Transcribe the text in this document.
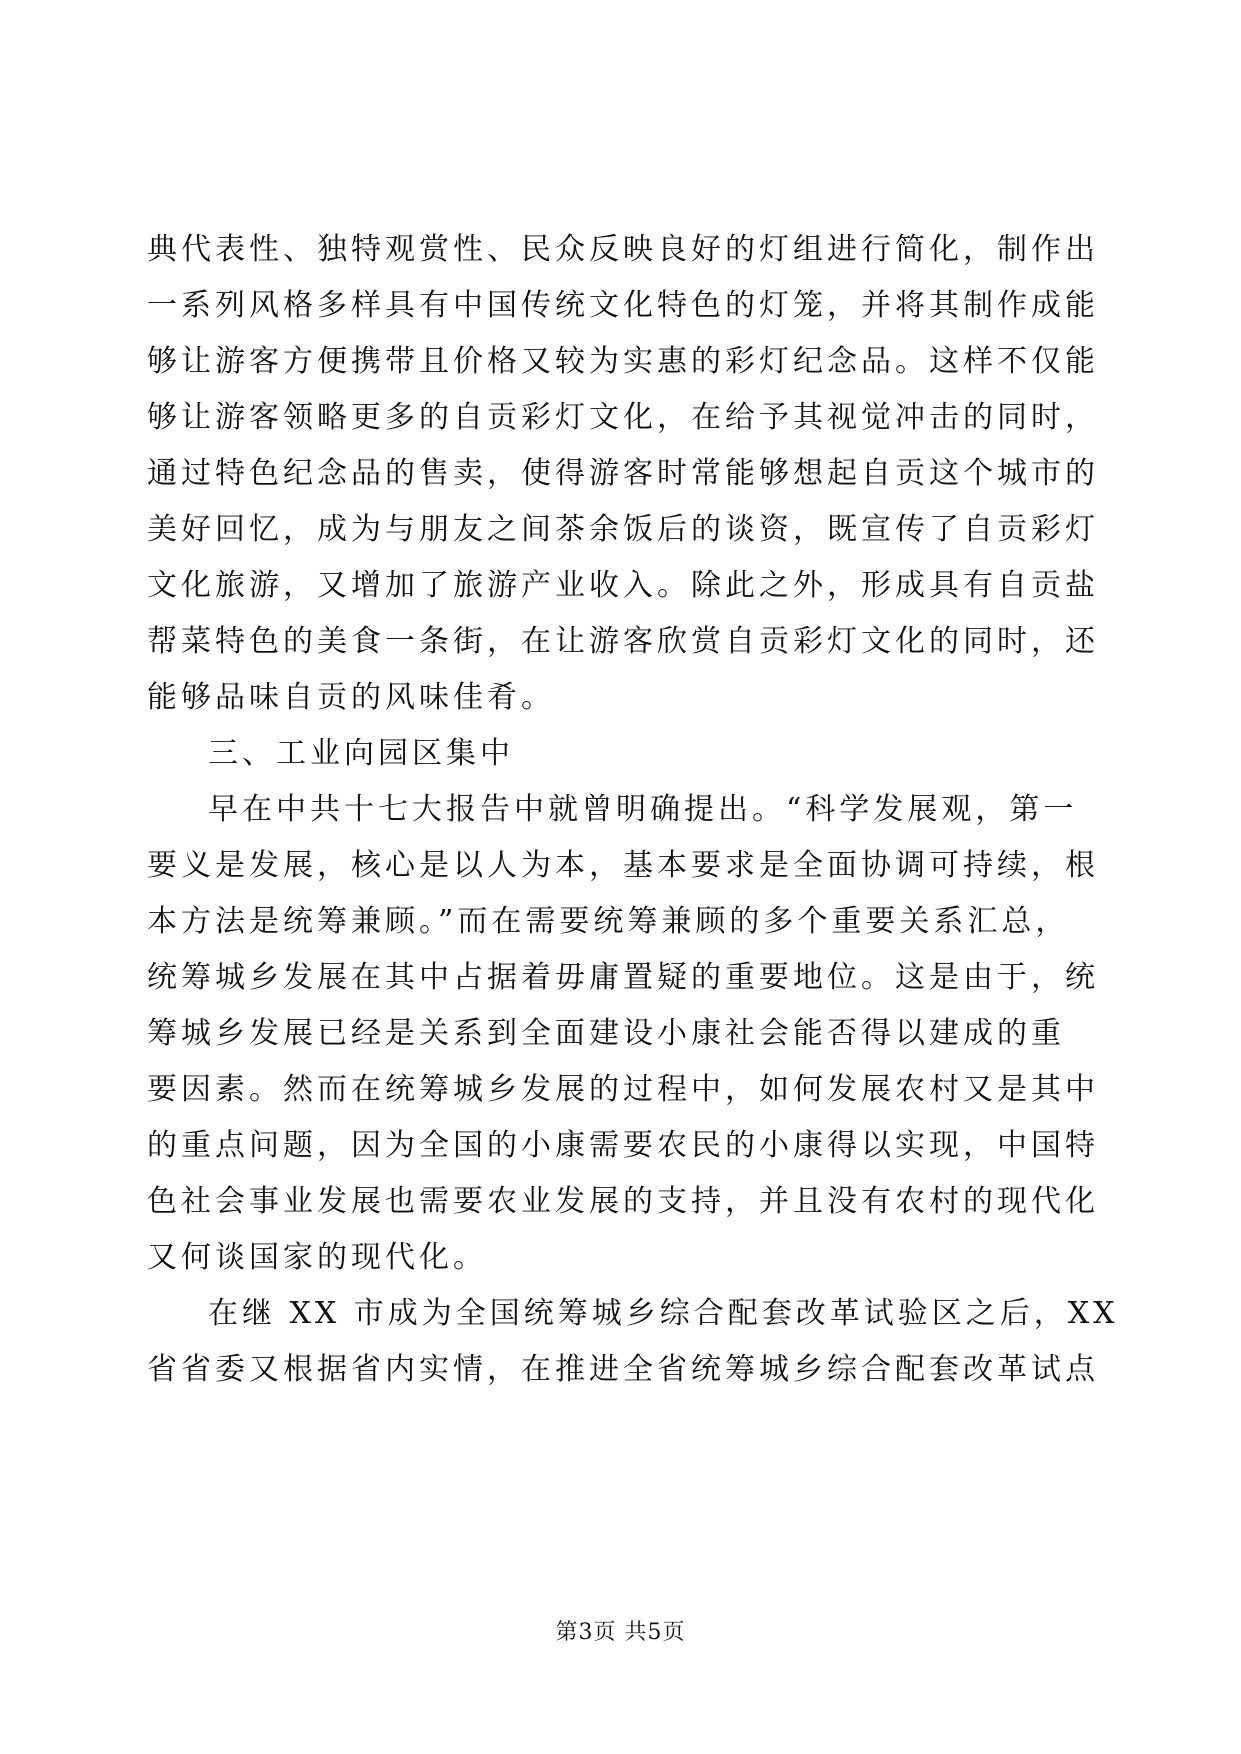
典代表性、独特观赏性、民众反映良好的灯组进行简化，制作出
一系列风格多样具有中国传统文化特色的灯笼，并将其制作成能
够让游客方便携带且价格又较为实惠的彩灯纪念品。这样不仅能
够让游客领略更多的自贡彩灯文化，在给予其视觉冲击的同时，
通过特色纪念品的售卖，使得游客时常能够想起自贡这个城市的
美好回忆，成为与朋友之间茶余饭后的谈资，既宣传了自贡彩灯
文化旅游，又增加了旅游产业收入。除此之外，形成具有自贡盐
帮菜特色的美食一条街，在让游客欣赏自贡彩灯文化的同时，还
能够品味自贡的风味佳肴。
三、工业向园区集中
早在中共十七大报告中就曾明确提出。“科学发展观，第一
要义是发展，核心是以人为本，基本要求是全面协调可持续，根
本方法是统筹兼顾。”而在需要统筹兼顾的多个重要关系汇总，
统筹城乡发展在其中占据着毋庸置疑的重要地位。这是由于，统
筹城乡发展已经是关系到全面建设小康社会能否得以建成的重
要因素。然而在统筹城乡发展的过程中，如何发展农村又是其中
的重点问题，因为全国的小康需要农民的小康得以实现，中国特
色社会事业发展也需要农业发展的支持，并且没有农村的现代化
又何谈国家的现代化。
在继 XX 市成为全国统筹城乡综合配套改革试验区之后，XX
省省委又根据省内实情，在推进全省统筹城乡综合配套改革试点
第3页 共5页
